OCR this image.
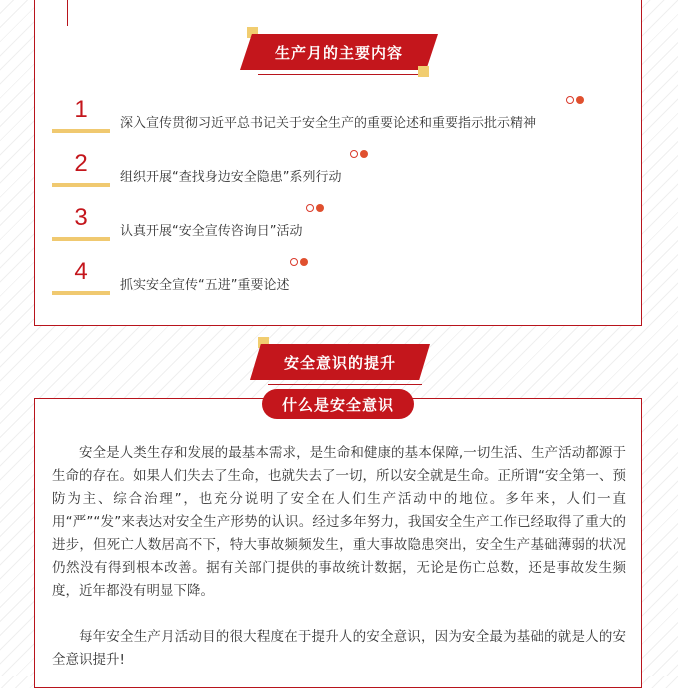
生产月的主要内容
1
深入宣传贯彻习近平总书记关于安全生产的重要论述和重要指示批示精神
2
组织开展“查找身边安全隐患”系列行动
3
认真开展“安全宣传咨询日”活动
4
抓实安全宣传“五进”重要论述
安全意识的提升
什么是安全意识

安全是人类生存和发展的最基本需求，是生命和健康的基本保障,一切生活、生产活动都源于生命的存在。如果人们失去了生命，也就失去了一切，所以安全就是生命。正所谓“安全第一、预防为主、综合治理”，也充分说明了安全在人们生产活动中的地位。多年来，人们一直用“严”“发”来表达对安全生产形势的认识。经过多年努力，我国安全生产工作已经取得了重大的进步，但死亡人数居高不下，特大事故频频发生，重大事故隐患突出，安全生产基础薄弱的状况仍然没有得到根本改善。据有关部门提供的事故统计数据，无论是伤亡总数，还是事故发生频度，近年都没有明显下降。

每年安全生产月活动目的很大程度在于提升人的安全意识，因为安全最为基础的就是人的安全意识提升!
